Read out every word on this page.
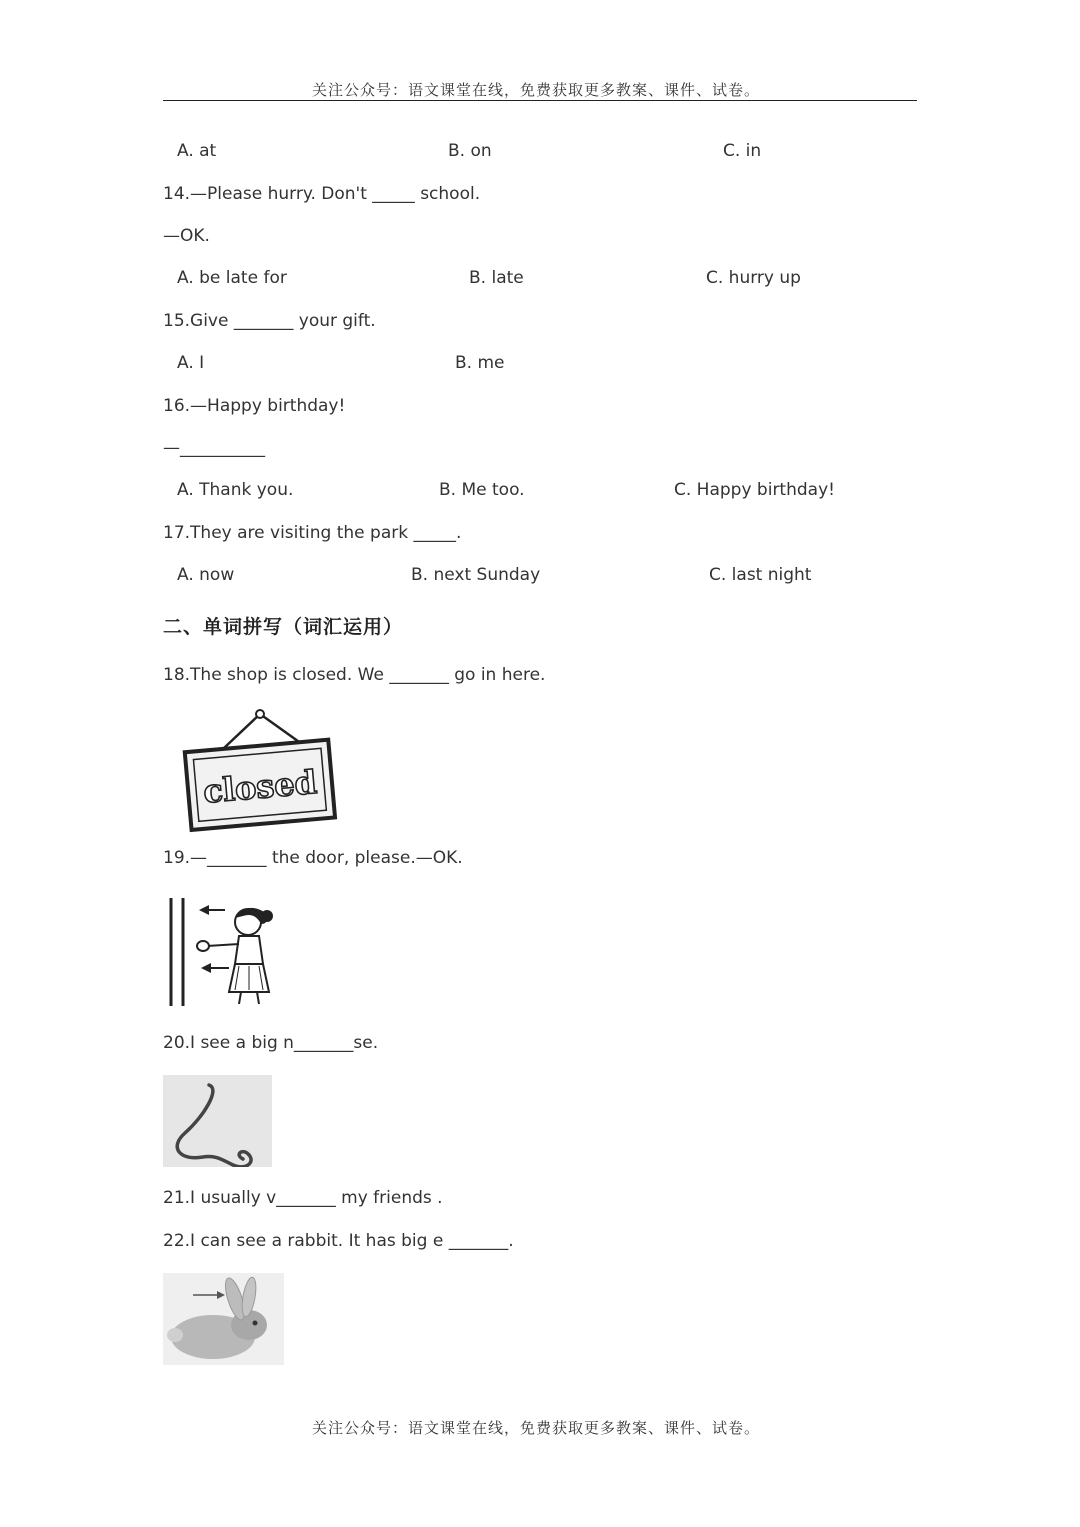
关注公众号：语文课堂在线，免费获取更多教案、课件、试卷。
A. at	B. on	C. in
14.—Please hurry. Don't _____ school.
—OK.
A. be late for	B. late	C. hurry up
15.Give _______ your gift.
A. I	B. me
16.—Happy birthday!
—__________
A. Thank you.	B. Me too.	C. Happy birthday!
17.They are visiting the park _____.
A. now	B. next Sunday	C. last night
二、单词拼写（词汇运用）
18.The shop is closed. We _______ go in here.
closed
19.—_______ the door, please.—OK.
20.I see a big n_______se.
21.I usually v_______ my friends .
22.I can see a rabbit. It has big e _______.
关注公众号：语文课堂在线，免费获取更多教案、课件、试卷。
